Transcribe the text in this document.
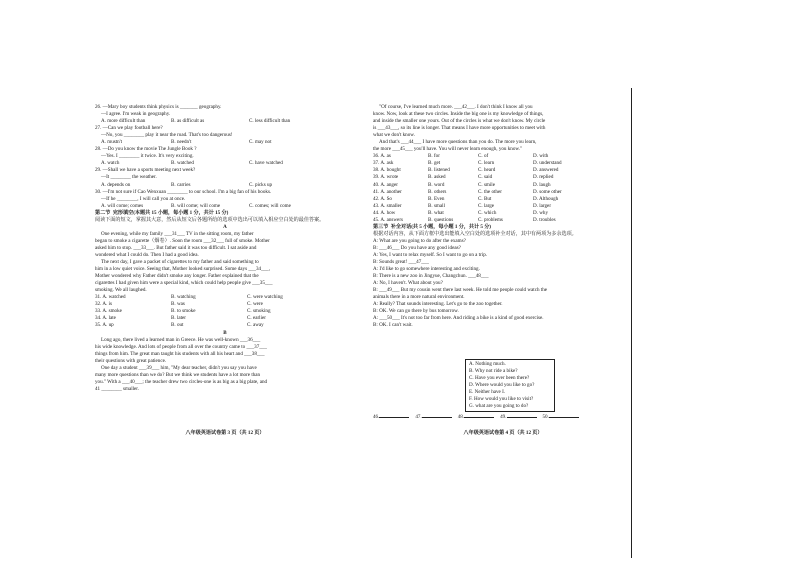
26. —Mary boy students think physics is _______ geography.
—I agree. I'm weak in geography.
A. more difficult than	B. as difficult as	C. less difficult than
27. —Can we play football here?
—No, you ________ play it near the road. That's too dangerous!
A. mustn't	B. needn't	C. may not
28. —Do you know the movie The Jungle Book ?
—Yes. I ________ it twice. It's very exciting.
A. watch	B. watched	C. have watched
29. —Shall we have a sports meeting next week?
—It ________ the weather.
A. depends on	B. carries	C. picks up
30. —I'm not sure if Cao Wenxuan ________ to our school. I'm a big fan of his books.
—If he ________, I will call you at once.
A. will come; comes	B. will come; will come	C. comes; will come
第二节  完形填空(本题共 15 小题，每小题 1 分，共计 15 分)
阅读下面的短文，掌握其大意，然后从短文后各题所给的选项中选出可以填入相应空白处的最佳答案。
A
One evening, while my family ___31___ TV in the sitting room, my father
began to smoke a cigarette（烟卷）. Soon the room ___32___ full of smoke. Mother
asked him to stop. ___33___. But father said it was too difficult. I sat aside and
wondered what I could do. Then I had a good idea.
The next day, I gave a packet of cigarettes to my father and said something to
him in a low quiet voice. Seeing that, Mother looked surprised. Some days ___34___,
Mother wondered why Father didn't smoke any longer. Father explained that the
cigarettes I had given him were a special kind, which could help people give ___35___
smoking. We all laughed.
31. A. watched	B. watching	C. were watching
32. A. is	B. was	C. were
33. A. smoke	B. to smoke	C. smoking
34. A. late	B. later	C. earlier
35. A. up	B. out	C. away
B
Long ago, there lived a learned man in Greece. He was well-known ___36___
his wide knowledge. And lots of people from all over the country came to ___37___
things from him. The great man taught his students with all his heart and ___38___
their questions with great patience.
One day a student ___39___ him, "My dear teacher, didn't you say you have
many more questions than we do? But we think we students have a lot more than
you." With a ___40___; the teacher drew two circles-one is as big as a big plate, and
41 ________ smaller.
八年级英语试卷第 3 页（共 12 页）
"Of course, I've learned much more. ___42___. I don't think I know all you
know. Now, look at these two circles. Inside the big one is my knowledge of things,
and inside the smaller one yours. Out of the circles is what we don't know. My circle
is ___43___, so its line is longer. That means I have more opportunities to meet with
what we don't know.
And that's ___44___ I have more questions than you do. The more you learn,
the more ___45___ you'll have. You will never learn enough, you know."
36. A. as	B. for	C. of	D. with
37. A. ask	B. get	C. learn	D. understand
38. A. bought	B. listened	C. heard	D. answered
39. A. wrote	B. asked	C. said	D. replied
40. A. anger	B. word	C. smile	D. laugh
41. A. another	B. others	C. the other	D. some other
42. A. So	B. Even	C. But	D. Although
43. A. smaller	B. small	C. large	D. larger
44. A. how	B. what	C. which	D. why
45. A. answers	B. questions	C. problems	D. troubles
第三节  补全对话(共 5 小题，每小题 1 分，共计 5 分)
根据对话内容，从下面方框中选出能填入空白处的选项补全对话，其中有两项为多余选项。
A: What are you going to do after the exams?
B: ___46___ Do you have any good ideas?
A: Yes, I want to relax myself. So I want to go on a trip.
B: Sounds great! ___47___
A: I'd like to go somewhere interesting and exciting.
B: There is a new zoo in Jingyue, Changchun. ___48___
A: No, I haven't. What about you?
B: ___49___ But my cousin went there last week. He told me people could watch the
animals there in a more natural environment.
A: Really? That sounds interesting. Let's go to the zoo together.
B: OK. We can go there by bus tomorrow.
A: ___50___ It's not too far from here. And riding a bike is a kind of good exercise.
B: OK. I can't wait.
A. Nothing much.
B. Why not ride a bike?
C. Have you ever been there?
D. Where would you like to go?
E. Neither have I.
F. How would you like to visit?
G. what are you going to do?
46.	47.	48.	49.	50.
八年级英语试卷第 4 页（共 12 页）
